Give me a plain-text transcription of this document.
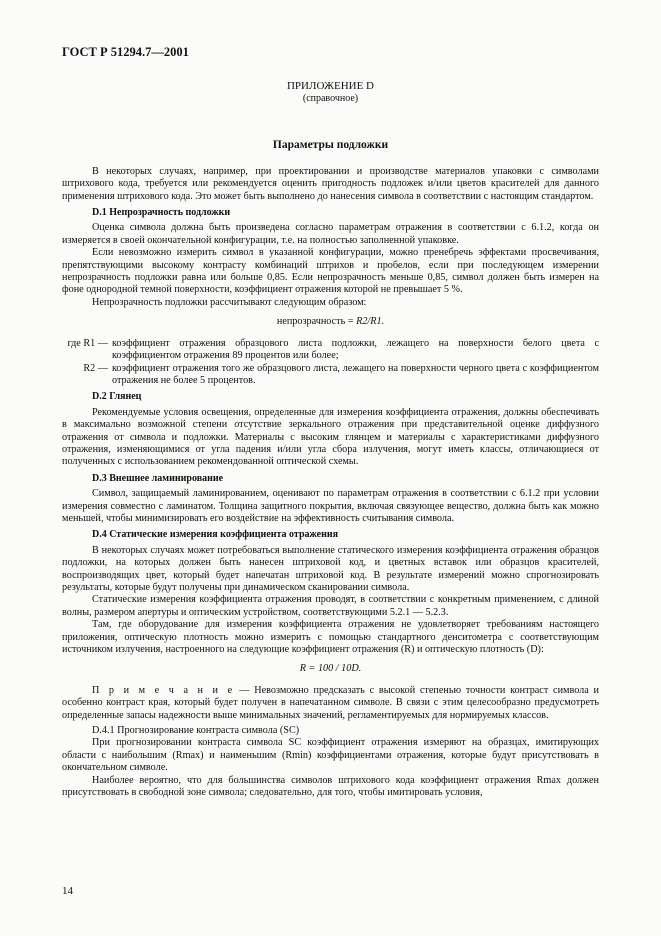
ГОСТ Р 51294.7—2001
ПРИЛОЖЕНИЕ D
(справочное)
Параметры подложки

В некоторых случаях, например, при проектировании и производстве материалов упаковки с символами штрихового кода, требуется или рекомендуется оценить пригодность подложек и/или цветов красителей для данного применения штрихового кода. Это может быть выполнено до нанесения символа в соответствии с настоящим стандартом.

D.1 Непрозрачность подложки

Оценка символа должна быть произведена согласно параметрам отражения в соответствии с 6.1.2, когда он измеряется в своей окончательной конфигурации, т.е. на полностью заполненной упаковке.

Если невозможно измерить символ в указанной конфигурации, можно пренебречь эффектами просвечивания, препятствующими высокому контрасту комбинаций штрихов и пробелов, если при последующем измерении непрозрачность подложки равна или больше 0,85. Если непрозрачность меньше 0,85, символ должен быть измерен на фоне однородной темной поверхности, коэффициент отражения которой не превышает 5 %.

Непрозрачность подложки рассчитывают следующим образом:

непрозрачность = R2/R1.
где R1 — коэффициент отражения образцового листа подложки, лежащего на поверхности белого цвета с коэффициентом отражения 89 процентов или более;

R2 — коэффициент отражения того же образцового листа, лежащего на поверхности черного цвета с коэффициентом отражения не более 5 процентов.

D.2 Глянец

Рекомендуемые условия освещения, определенные для измерения коэффициента отражения, должны обеспечивать в максимально возможной степени отсутствие зеркального отражения при представительной оценке диффузного отражения от символа и подложки. Материалы с высоким глянцем и материалы с характеристиками диффузного отражения, изменяющимися от угла падения и/или угла сбора излучения, могут иметь классы, отличающиеся от полученных с использованием рекомендованной оптической схемы.

D.3 Внешнее ламинирование

Символ, защищаемый ламинированием, оценивают по параметрам отражения в соответствии с 6.1.2 при условии измерения совместно с ламинатом. Толщина защитного покрытия, включая связующее вещество, должна быть как можно меньшей, чтобы минимизировать его воздействие на эффективность считывания символа.

D.4 Статические измерения коэффициента отражения

В некоторых случаях может потребоваться выполнение статического измерения коэффициента отражения образцов подложки, на которых должен быть нанесен штриховой код, и цветных вставок или образцов красителей, воспроизводящих цвет, который будет напечатан штриховой код. В результате измерений можно спрогнозировать результаты, которые будут получены при динамическом сканировании символа.

Статические измерения коэффициента отражения проводят, в соответствии с конкретным применением, с длиной волны, размером апертуры и оптическим устройством, соответствующими 5.2.1 — 5.2.3.

Там, где оборудование для измерения коэффициента отражения не удовлетворяет требованиям настоящего приложения, оптическую плотность можно измерить с помощью стандартного денситометра с соответствующим источником излучения, настроенного на следующие коэффициент отражения (R) и оптическую плотность (D):

R = 100 / 10D.

П р и м е ч а н и е — Невозможно предсказать с высокой степенью точности контраст символа и особенно контраст края, который будет получен в напечатанном символе. В связи с этим целесообразно предусмотреть определенные запасы надежности выше минимальных значений, регламентируемых для нормируемых классов.

D.4.1 Прогнозирование контраста символа (SC)

При прогнозировании контраста символа SC коэффициент отражения измеряют на образцах, имитирующих области с наибольшим (Rmax) и наименьшим (Rmin) коэффициентами отражения, которые будут присутствовать в окончательном символе.

Наиболее вероятно, что для большинства символов штрихового кода коэффициент отражения Rmax должен присутствовать в свободной зоне символа; следовательно, для того, чтобы имитировать условия,

14
